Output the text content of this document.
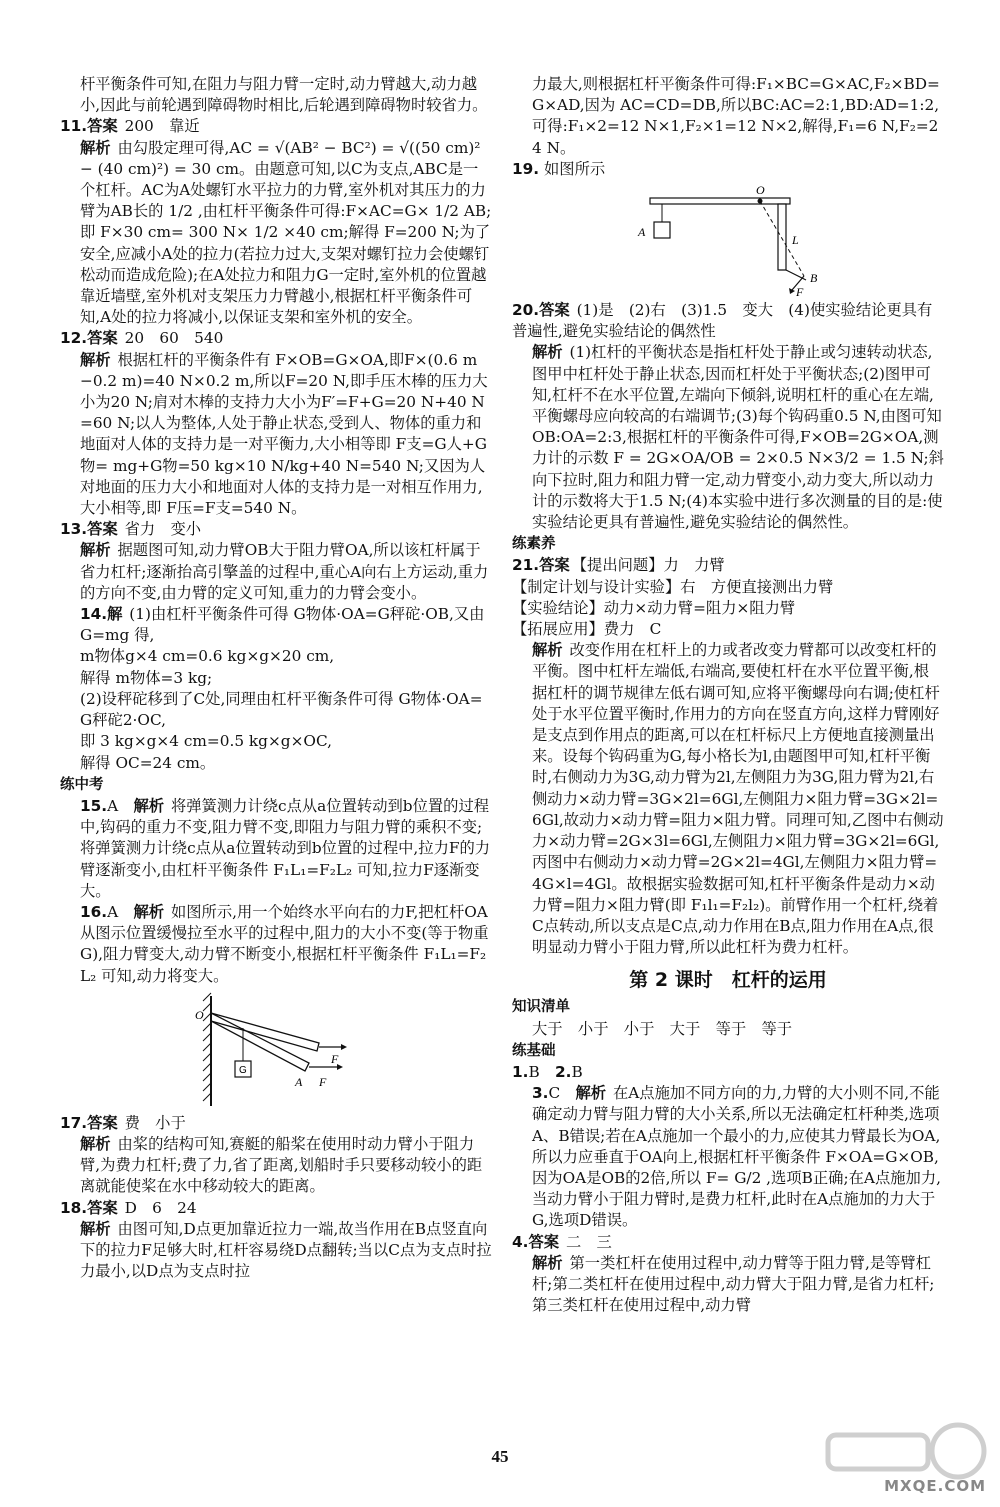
杆平衡条件可知,在阻力与阻力臂一定时,动力臂越大,动力越小,因此与前轮遇到障碍物时相比,后轮遇到障碍物时较省力。
11.答案 200　靠近
解析 由勾股定理可得,AC = √(AB² − BC²) = √((50 cm)² − (40 cm)²) = 30 cm。由题意可知,以C为支点,ABC是一个杠杆。AC为A处螺钉水平拉力的力臂,室外机对其压力的力臂为AB长的 1/2 ,由杠杆平衡条件可得:F×AC=G× 1/2 AB;即 F×30 cm= 300 N× 1/2 ×40 cm;解得 F=200 N;为了安全,应减小A处的拉力(若拉力过大,支架对螺钉拉力会使螺钉松动而造成危险);在A处拉力和阻力G一定时,室外机的位置越靠近墙壁,室外机对支架压力力臂越小,根据杠杆平衡条件可知,A处的拉力将减小,以保证支架和室外机的安全。
12.答案 20　60　540
解析 根据杠杆的平衡条件有 F×OB=G×OA,即F×(0.6 m−0.2 m)=40 N×0.2 m,所以F=20 N,即手压木棒的压力大小为20 N;肩对木棒的支持力大小为F′=F+G=20 N+40 N=60 N;以人为整体,人处于静止状态,受到人、物体的重力和地面对人体的支持力是一对平衡力,大小相等即 F支=G人+G物= mg+G物=50 kg×10 N/kg+40 N=540 N;又因为人对地面的压力大小和地面对人体的支持力是一对相互作用力,大小相等,即 F压=F支=540 N。
13.答案 省力　变小
解析 据题图可知,动力臂OB大于阻力臂OA,所以该杠杆属于省力杠杆;逐渐抬高引擎盖的过程中,重心A向右上方运动,重力的方向不变,由力臂的定义可知,重力的力臂会变小。
14.解 (1)由杠杆平衡条件可得 G物体·OA=G秤砣·OB,又由 G=mg 得,
m物体g×4 cm=0.6 kg×g×20 cm,
解得 m物体=3 kg;
(2)设秤砣移到了C处,同理由杠杆平衡条件可得 G物体·OA=G秤砣2·OC,
即 3 kg×g×4 cm=0.5 kg×g×OC,
解得 OC=24 cm。
练中考
15.A　解析 将弹簧测力计绕c点从a位置转动到b位置的过程中,钩码的重力不变,阻力臂不变,即阻力与阻力臂的乘积不变;将弹簧测力计绕c点从a位置转动到b位置的过程中,拉力F的力臂逐渐变小,由杠杆平衡条件 F₁L₁=F₂L₂ 可知,拉力F逐渐变大。
16.A　解析 如图所示,用一个始终水平向右的力F,把杠杆OA从图示位置缓慢拉至水平的过程中,阻力的大小不变(等于物重G),阻力臂变大,动力臂不断变小,根据杠杆平衡条件 F₁L₁=F₂L₂ 可知,动力将变大。
O
G
A F
F
17.答案 费　小于
解析 由桨的结构可知,赛艇的船桨在使用时动力臂小于阻力臂,为费力杠杆;费了力,省了距离,划船时手只要移动较小的距离就能使桨在水中移动较大的距离。
18.答案 D　6　24
解析 由图可知,D点更加靠近拉力一端,故当作用在B点竖直向下的拉力F足够大时,杠杆容易绕D点翻转;当以C点为支点时拉力最小,以D点为支点时拉
力最大,则根据杠杆平衡条件可得:F₁×BC=G×AC,F₂×BD=G×AD,因为 AC=CD=DB,所以BC:AC=2:1,BD:AD=1:2,可得:F₁×2=12 N×1,F₂×1=12 N×2,解得,F₁=6 N,F₂=24 N。
19. 如图所示
O
A
L
B
F
20.答案 (1)是　(2)右　(3)1.5　变大　(4)使实验结论更具有普遍性,避免实验结论的偶然性
解析 (1)杠杆的平衡状态是指杠杆处于静止或匀速转动状态,图甲中杠杆处于静止状态,因而杠杆处于平衡状态;(2)图甲可知,杠杆不在水平位置,左端向下倾斜,说明杠杆的重心在左端,平衡螺母应向较高的右端调节;(3)每个钩码重0.5 N,由图可知 OB:OA=2:3,根据杠杆的平衡条件可得,F×OB=2G×OA,测力计的示数 F = 2G×OA/OB = 2×0.5 N×3/2 = 1.5 N;斜向下拉时,阻力和阻力臂一定,动力臂变小,动力变大,所以动力计的示数将大于1.5 N;(4)本实验中进行多次测量的目的是:使实验结论更具有普遍性,避免实验结论的偶然性。
练素养
21.答案 【提出问题】力　力臂
【制定计划与设计实验】右　方便直接测出力臂
【实验结论】动力×动力臂=阻力×阻力臂
【拓展应用】费力　C
解析 改变作用在杠杆上的力或者改变力臂都可以改变杠杆的平衡。图中杠杆左端低,右端高,要使杠杆在水平位置平衡,根据杠杆的调节规律左低右调可知,应将平衡螺母向右调;使杠杆处于水平位置平衡时,作用力的方向在竖直方向,这样力臂刚好是支点到作用点的距离,可以在杠杆标尺上方便地直接测量出来。设每个钩码重为G,每小格长为l,由题图甲可知,杠杆平衡时,右侧动力为3G,动力臂为2l,左侧阻力为3G,阻力臂为2l,右侧动力×动力臂=3G×2l=6Gl,左侧阻力×阻力臂=3G×2l=6Gl,故动力×动力臂=阻力×阻力臂。同理可知,乙图中右侧动力×动力臂=2G×3l=6Gl,左侧阻力×阻力臂=3G×2l=6Gl,丙图中右侧动力×动力臂=2G×2l=4Gl,左侧阻力×阻力臂=4G×l=4Gl。故根据实验数据可知,杠杆平衡条件是动力×动力臂=阻力×阻力臂(即 F₁l₁=F₂l₂)。前臂作用一个杠杆,绕着C点转动,所以支点是C点,动力作用在B点,阻力作用在A点,很明显动力臂小于阻力臂,所以此杠杆为费力杠杆。
第 2 课时　杠杆的运用
知识清单
大于　小于　小于　大于　等于　等于
练基础
1.B　2.B
3.C　解析 在A点施加不同方向的力,力臂的大小则不同,不能确定动力臂与阻力臂的大小关系,所以无法确定杠杆种类,选项A、B错误;若在A点施加一个最小的力,应使其力臂最长为OA,所以力应垂直于OA向上,根据杠杆平衡条件 F×OA=G×OB,因为OA是OB的2倍,所以 F= G/2 ,选项B正确;在A点施加力,当动力臂小于阻力臂时,是费力杠杆,此时在A点施加的力大于G,选项D错误。
4.答案 二　三
解析 第一类杠杆在使用过程中,动力臂等于阻力臂,是等臂杠杆;第二类杠杆在使用过程中,动力臂大于阻力臂,是省力杠杆;第三类杠杆在使用过程中,动力臂
45
MXQE.COM
